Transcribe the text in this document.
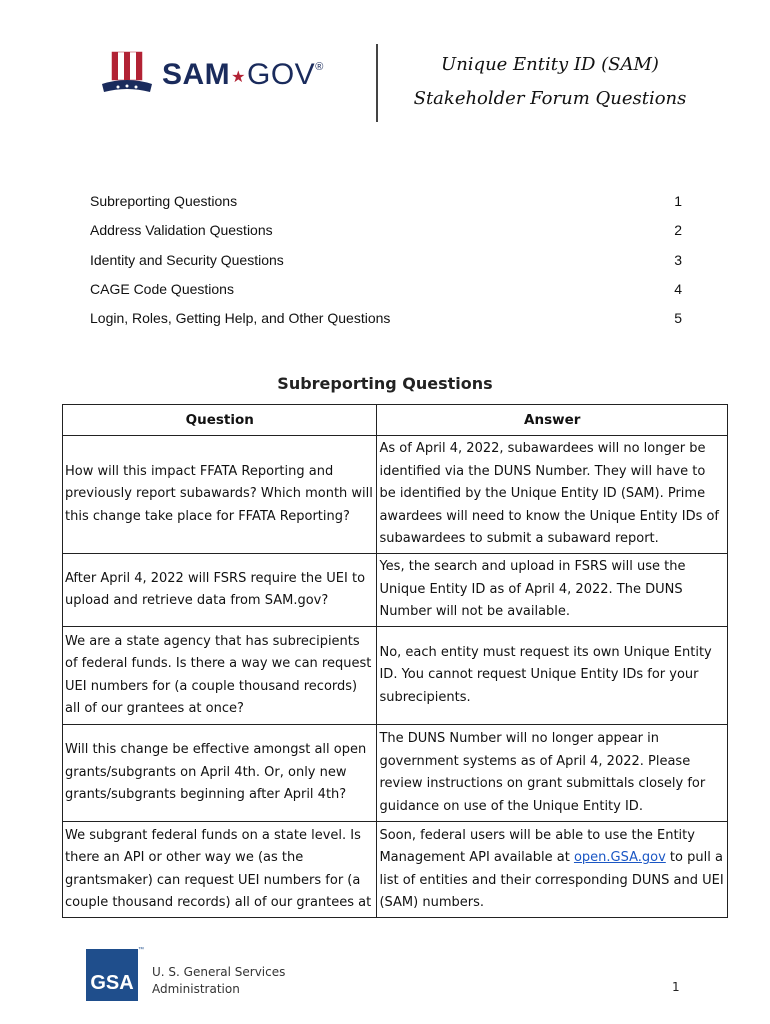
SAM★GOV®	Unique Entity ID (SAM)
Stakeholder Forum Questions
Subreporting Questions	1
Address Validation Questions	2
Identity and Security Questions	3
CAGE Code Questions	4
Login, Roles, Getting Help, and Other Questions	5
Subreporting Questions
Question	Answer
How will this impact FFATA Reporting and previously report subawards? Which month will this change take place for FFATA Reporting?	As of April 4, 2022, subawardees will no longer be identified via the DUNS Number. They will have to be identified by the Unique Entity ID (SAM). Prime awardees will need to know the Unique Entity IDs of subawardees to submit a subaward report.
After April 4, 2022 will FSRS require the UEI to upload and retrieve data from SAM.gov?	Yes, the search and upload in FSRS will use the Unique Entity ID as of April 4, 2022. The DUNS Number will not be available.
We are a state agency that has subrecipients of federal funds. Is there a way we can request UEI numbers for (a couple thousand records) all of our grantees at once?	No, each entity must request its own Unique Entity ID. You cannot request Unique Entity IDs for your subrecipients.
Will this change be effective amongst all open grants/subgrants on April 4th. Or, only new grants/subgrants beginning after April 4th?	The DUNS Number will no longer appear in government systems as of April 4, 2022. Please review instructions on grant submittals closely for guidance on use of the Unique Entity ID.
We subgrant federal funds on a state level. Is there an API or other way we (as the grantsmaker) can request UEI numbers for (a couple thousand records) all of our grantees at	Soon, federal users will be able to use the Entity Management API available at open.GSA.gov to pull a list of entities and their corresponding DUNS and UEI (SAM) numbers.
GSA
™
U. S. General Services Administration	1
